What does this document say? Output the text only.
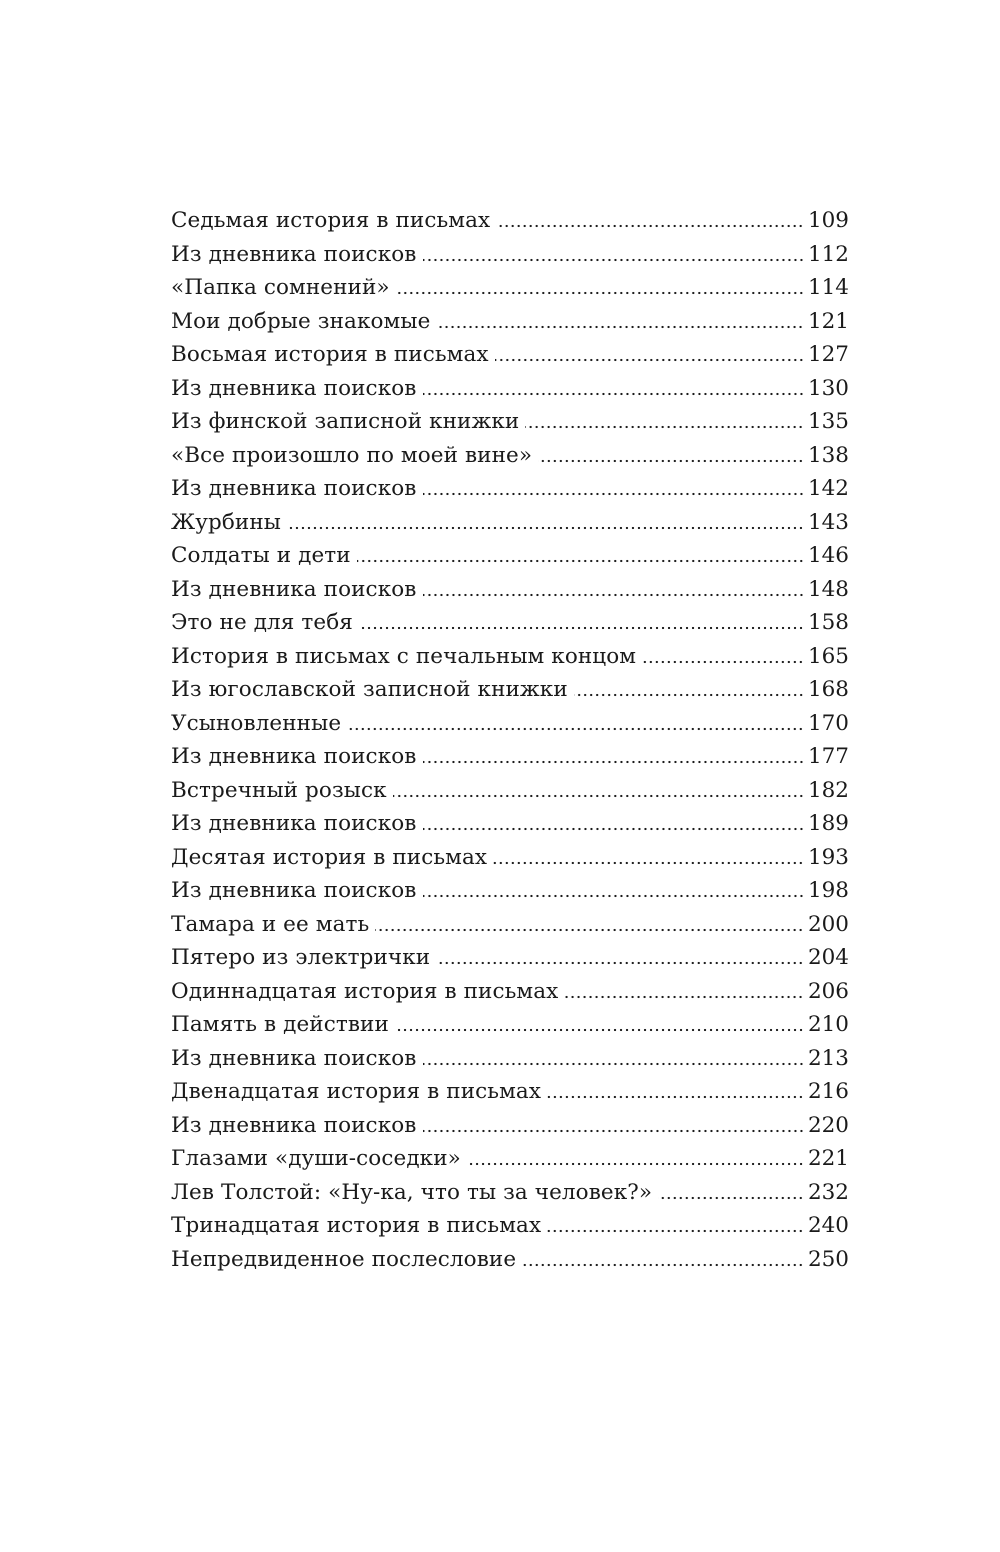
Седьмая история в письмах	109
Из дневника поисков	112
«Папка сомнений»	114
Мои добрые знакомые	121
Восьмая история в письмах	127
Из дневника поисков	130
Из финской записной книжки	135
«Все произошло по моей вине»	138
Из дневника поисков	142
Журбины	143
Солдаты и дети	146
Из дневника поисков	148
Это не для тебя	158
История в письмах с печальным концом	165
Из югославской записной книжки	168
Усыновленные	170
Из дневника поисков	177
Встречный розыск	182
Из дневника поисков	189
Десятая история в письмах	193
Из дневника поисков	198
Тамара и ее мать	200
Пятеро из электрички	204
Одиннадцатая история в письмах	206
Память в действии	210
Из дневника поисков	213
Двенадцатая история в письмах	216
Из дневника поисков	220
Глазами «души-соседки»	221
Лев Толстой: «Ну-ка, что ты за человек?»	232
Тринадцатая история в письмах	240
Непредвиденное послесловие	250
